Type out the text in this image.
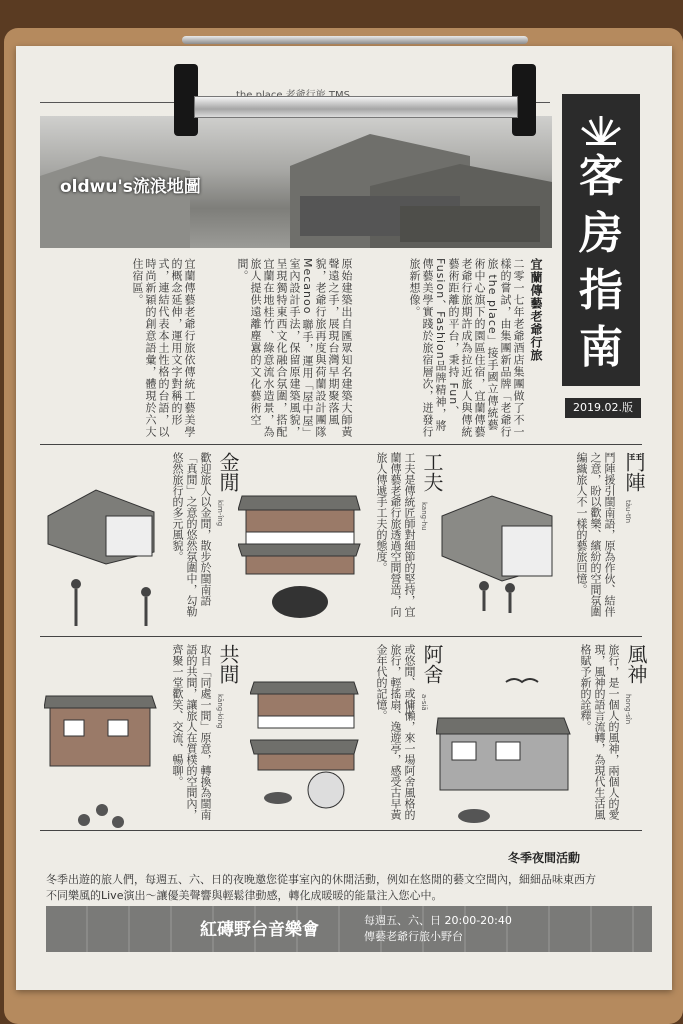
oldwu's流浪地圖	客
房
指
南
2019.02.版
宜蘭傳藝老爺行旅
二零一七年老爺酒店集團做了不一樣的嘗試，由集團新品牌「老爺行旅 the place」接手國立傳統藝術中心旗下的園區住宿，宜蘭傳藝老爺行旅期許成為拉近旅人與傳統藝術距離的平台，秉持 Fun、Fusion、Fashion品牌精神，將傳藝美學實踐於旅宿層次，迸發行旅新想像。
原始建築出自匯眾知名建築大師黃聲遠之手，展現台灣早期聚落風貌，老爺行旅再度與荷蘭設計團隊 Mecanoo 聯手，運用「屋中屋」室內設計手法，保留原建築風貌，呈現獨特東西文化融合氛圍，搭配宜蘭在地桂竹、綠意流水造景，為旅人提供遠離塵囂的文化藝術空間。
宜蘭傳藝老爺行旅依傳統工藝美學的概念延伸，運用文字對稱的形式，連結代表本土性格的台語，以時尚新穎的創意語彙，體現於六大住宿區。
鬥陣
tàu-tīn
鬥陣援引閩南語，原為作伙、結伴之意，盼以歡樂、繽紛的空間氛圍編織旅人不一樣的藝旅回憶。
工夫
kang-hu
工夫是傳統匠師對細節的堅持，宜蘭傳藝老爺行旅透過空間營造，向旅人傳遞手工夫的態度。
金閒
kim-îng
歡迎旅人以金閒，散步於閩南語「真閒」之意的悠然氛圍中，勾勒悠然旅行的多元風貌。
風神
hong-sîn
旅行，是一個人的風神，兩個人的愛現，風神的語言流轉，為現代生活風格賦予新的詮釋。
阿舍
a-siā
或悠閒、或慵懶，來一場阿舍風格的旅行，輕搖扇、逸遊亭，感受古早黃金年代的記憶。
共間
kāng-king
取自「同處一間」原意，轉換為閩南語的共間，讓旅人在質樸的空間內，齊聚一堂歡笑、交流、暢聊。
冬季夜間活動
冬季出遊的旅人們，每週五、六、日的夜晚邀您從事室內的休閒活動，例如在悠閒的藝文空間內，細細品味東西方
不同樂風的Live演出～讓優美聲響與輕鬆律動感，轉化成暖暖的能量注入您心中。
紅磚野台音樂會	每週五、六、日 20:00-20:40
傳藝老爺行旅小野台
